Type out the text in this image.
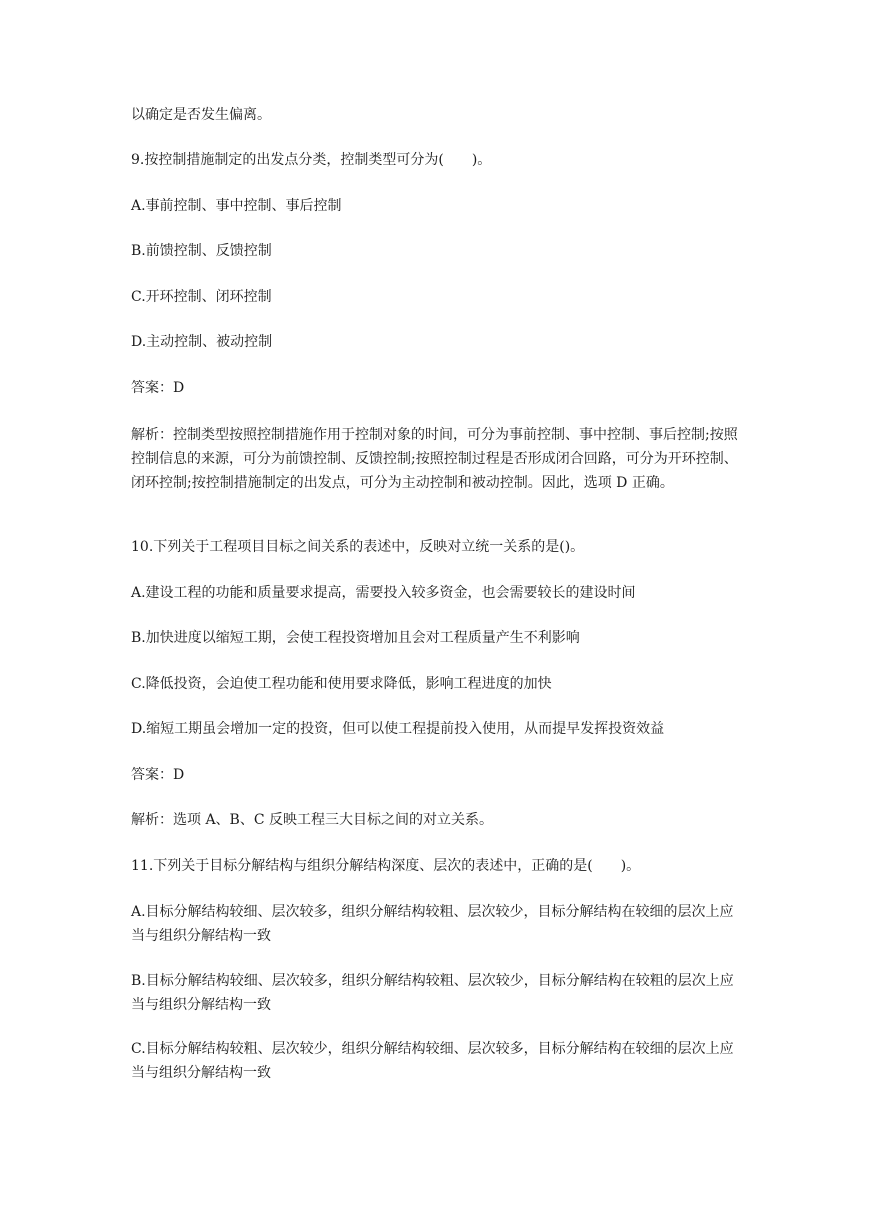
以确定是否发生偏离。

9.按控制措施制定的出发点分类，控制类型可分为(　　)。

A.事前控制、事中控制、事后控制

B.前馈控制、反馈控制

C.开环控制、闭环控制

D.主动控制、被动控制

答案：D

解析：控制类型按照控制措施作用于控制对象的时间，可分为事前控制、事中控制、事后控制;按照控制信息的来源，可分为前馈控制、反馈控制;按照控制过程是否形成闭合回路，可分为开环控制、闭环控制;按控制措施制定的出发点，可分为主动控制和被动控制。因此，选项 D 正确。

10.下列关于工程项目目标之间关系的表述中，反映对立统一关系的是()。

A.建设工程的功能和质量要求提高，需要投入较多资金，也会需要较长的建设时间

B.加快进度以缩短工期，会使工程投资增加且会对工程质量产生不利影响

C.降低投资，会迫使工程功能和使用要求降低，影响工程进度的加快

D.缩短工期虽会增加一定的投资，但可以使工程提前投入使用，从而提早发挥投资效益

答案：D

解析：选项 A、B、C 反映工程三大目标之间的对立关系。

11.下列关于目标分解结构与组织分解结构深度、层次的表述中，正确的是(　　)。

A.目标分解结构较细、层次较多，组织分解结构较粗、层次较少，目标分解结构在较细的层次上应当与组织分解结构一致

B.目标分解结构较细、层次较多，组织分解结构较粗、层次较少，目标分解结构在较粗的层次上应当与组织分解结构一致

C.目标分解结构较粗、层次较少，组织分解结构较细、层次较多，目标分解结构在较细的层次上应当与组织分解结构一致
